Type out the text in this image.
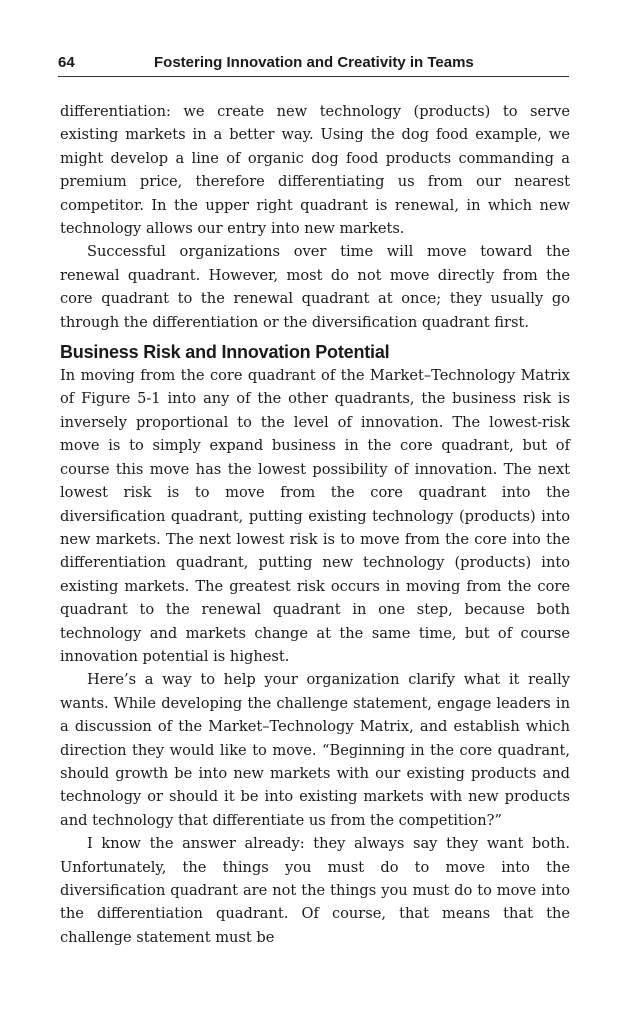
64	Fostering Innovation and Creativity in Teams

differentiation: we create new technology (products) to serve existing markets in a better way. Using the dog food example, we might develop a line of organic dog food products commanding a premium price, therefore differentiating us from our nearest competitor. In the upper right quadrant is renewal, in which new technology allows our entry into new markets.

Successful organizations over time will move toward the renewal quadrant. However, most do not move directly from the core quadrant to the renewal quadrant at once; they usually go through the differentiation or the diversification quadrant first.

Business Risk and Innovation Potential

In moving from the core quadrant of the Market–Technology Matrix of Figure 5-1 into any of the other quadrants, the business risk is inversely proportional to the level of innovation. The lowest-risk move is to simply expand business in the core quadrant, but of course this move has the lowest possibility of innovation. The next lowest risk is to move from the core quadrant into the diversification quadrant, putting existing technology (products) into new markets. The next lowest risk is to move from the core into the differentiation quadrant, putting new technology (products) into existing markets. The greatest risk occurs in moving from the core quadrant to the renewal quadrant in one step, because both technology and markets change at the same time, but of course innovation potential is highest.

Here’s a way to help your organization clarify what it really wants. While developing the challenge statement, engage leaders in a discussion of the Market–Technology Matrix, and establish which direction they would like to move. “Beginning in the core quadrant, should growth be into new markets with our existing products and technology or should it be into existing markets with new products and technology that differentiate us from the competition?”

I know the answer already: they always say they want both. Unfortunately, the things you must do to move into the diversification quadrant are not the things you must do to move into the differentiation quadrant. Of course, that means that the challenge statement must be
